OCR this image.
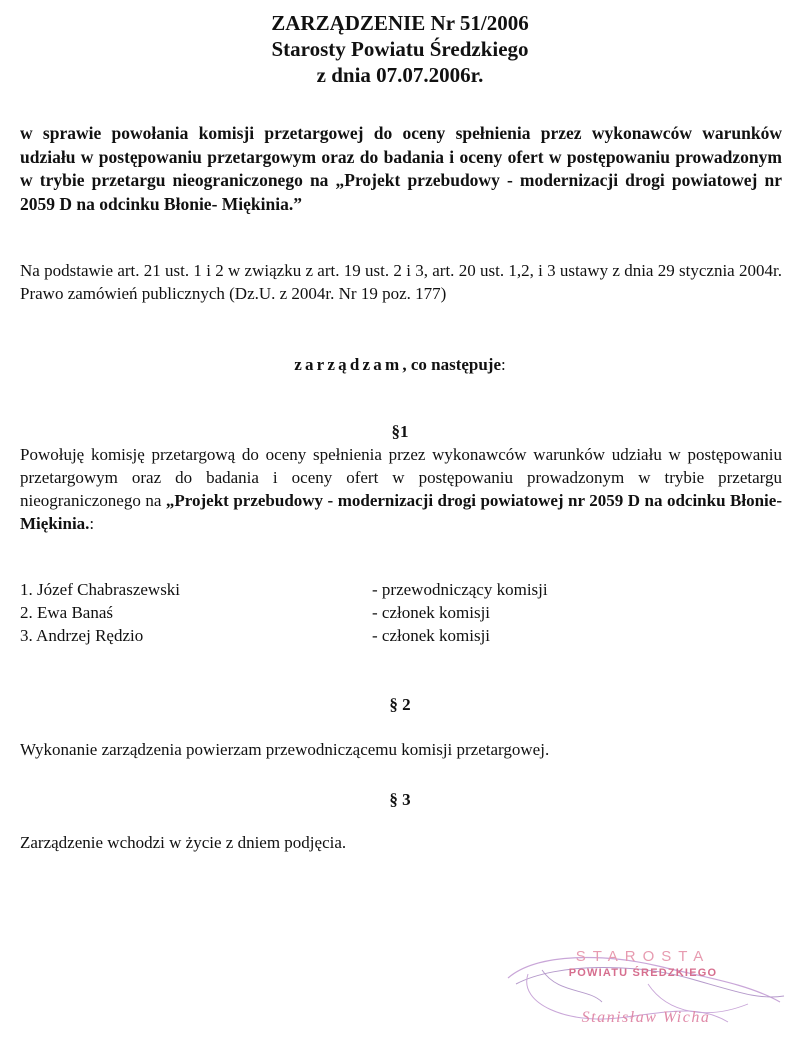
ZARZĄDZENIE Nr 51/2006
Starosty Powiatu Średzkiego
z dnia 07.07.2006r.
w sprawie powołania komisji przetargowej do oceny spełnienia przez wykonawców warunków udziału w postępowaniu przetargowym oraz do badania i oceny ofert w postępowaniu prowadzonym w trybie przetargu nieograniczonego na „Projekt przebudowy - modernizacji drogi powiatowej nr 2059 D na odcinku Błonie- Miękinia.”
Na podstawie art. 21 ust. 1 i 2 w związku z art. 19 ust. 2 i 3, art. 20 ust. 1,2, i 3 ustawy z dnia 29 stycznia 2004r. Prawo zamówień publicznych (Dz.U. z 2004r. Nr 19 poz. 177)
zarządzam, co następuje:
§1
Powołuję komisję przetargową do oceny spełnienia przez wykonawców warunków udziału w postępowaniu przetargowym oraz do badania i oceny ofert w postępowaniu prowadzonym w trybie przetargu nieograniczonego na „Projekt przebudowy - modernizacji drogi powiatowej nr 2059 D na odcinku Błonie- Miękinia.:
1. Józef Chabraszewski	- przewodniczący komisji
2. Ewa Banaś	- członek komisji
3. Andrzej Rędzio	- członek komisji
§ 2
Wykonanie zarządzenia powierzam przewodniczącemu komisji przetargowej.
§ 3
Zarządzenie wchodzi w życie z dniem podjęcia.
STAROSTA
POWIATU ŚREDZKIEGO
Stanisław Wicha
